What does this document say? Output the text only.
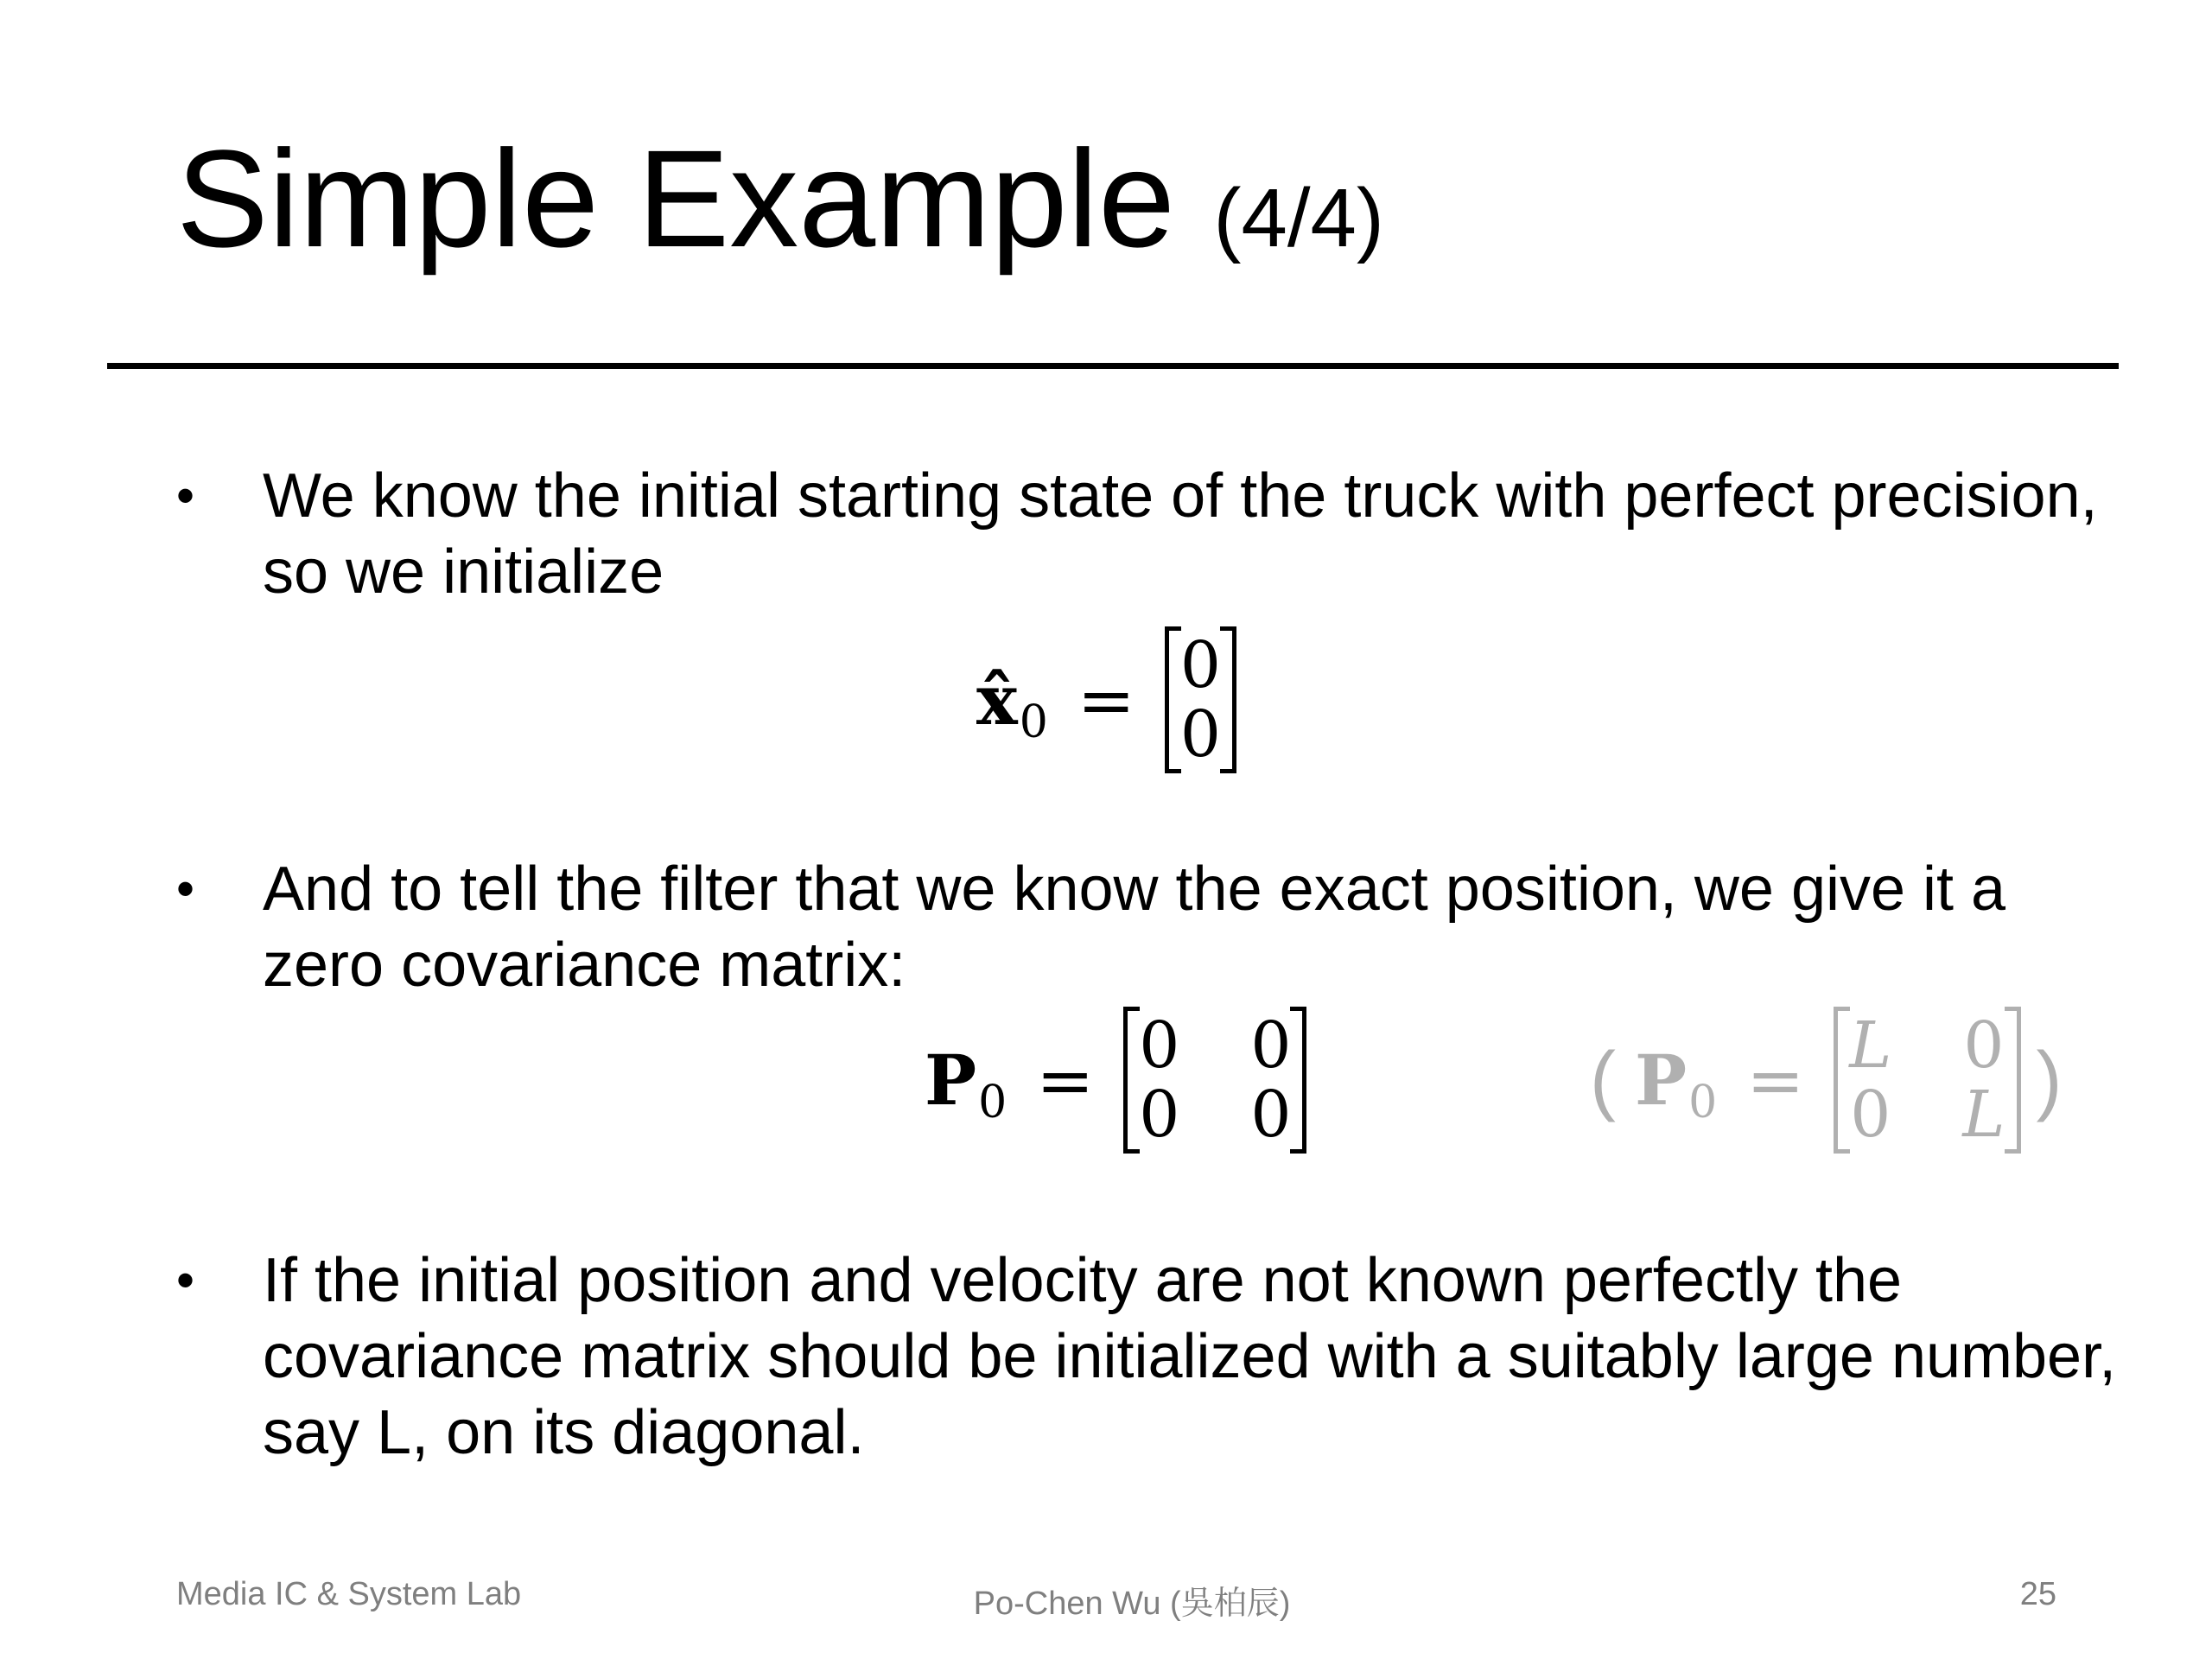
Simple Example (4/4)
• We know the initial starting state of the truck with perfect precision, so we initialize
x̂ 0 = 0
0
• And to tell the filter that we know the exact position, we give it a zero covariance matrix:
P 0 = 0 0
0 0	( P 0 = L 0
0 L )
• If the initial position and velocity are not known perfectly the covariance matrix should be initialized with a suitably large number, say L, on its diagonal.
Media IC & System Lab	Po-Chen Wu (吳柏辰)	25
